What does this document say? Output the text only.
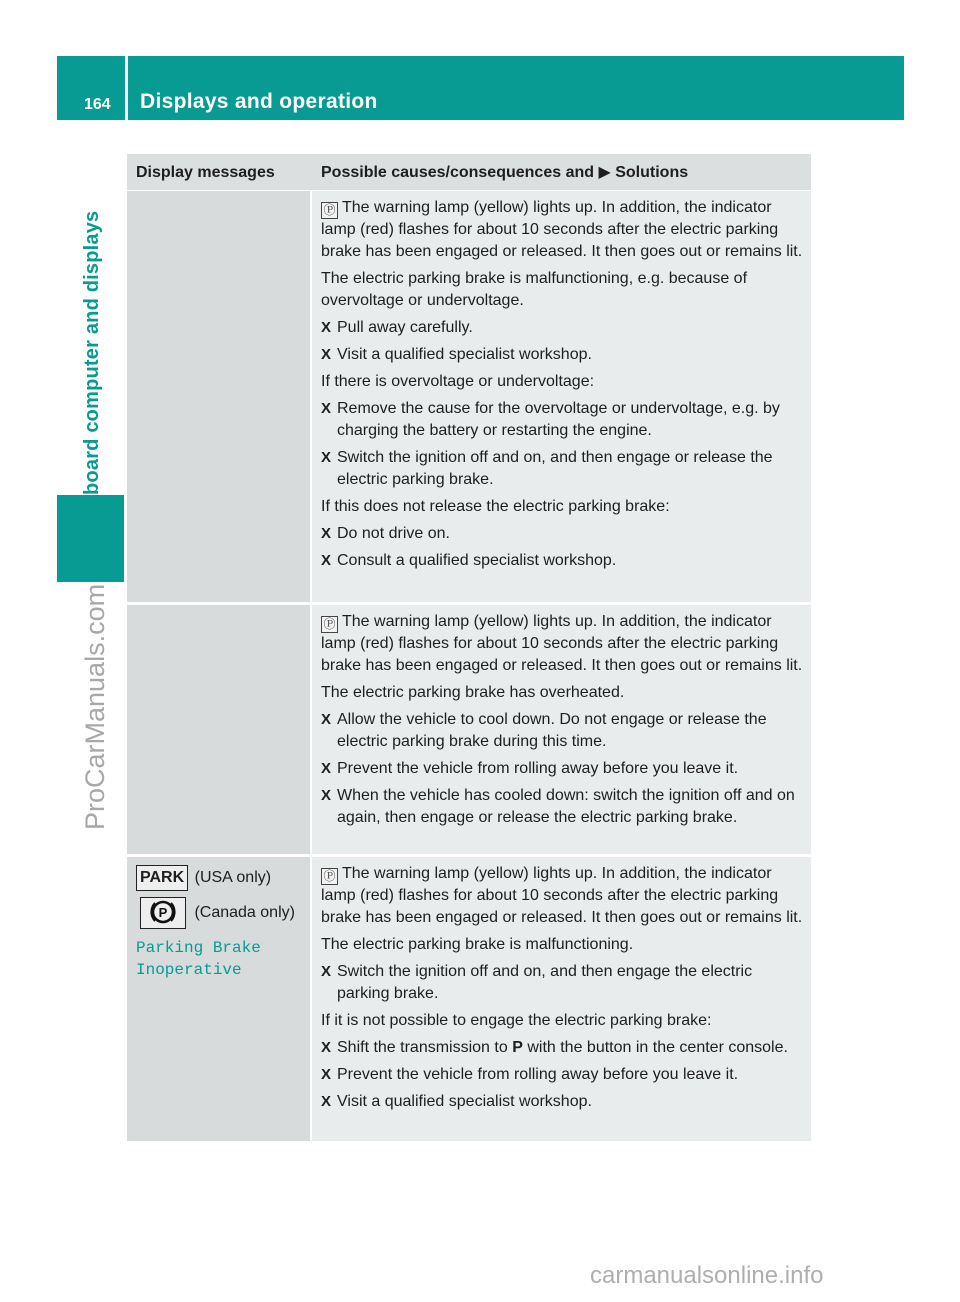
164	Displays and operation
On-board computer and displays
ProCarManuals.com
carmanualsonline.info
Display messages	Possible causes/consequences and ▶ Solutions

Ⓟ The warning lamp (yellow) lights up. In addition, the indicator lamp (red) flashes for about 10 seconds after the electric parking brake has been engaged or released. It then goes out or remains lit.

The electric parking brake is malfunctioning, e.g. because of overvoltage or undervoltage.

X Pull away carefully.
X Visit a qualified specialist workshop.

If there is overvoltage or undervoltage:

X Remove the cause for the overvoltage or undervoltage, e.g. by charging the battery or restarting the engine.
X Switch the ignition off and on, and then engage or release the electric parking brake.

If this does not release the electric parking brake:

X Do not drive on.
X Consult a qualified specialist workshop.

Ⓟ The warning lamp (yellow) lights up. In addition, the indicator lamp (red) flashes for about 10 seconds after the electric parking brake has been engaged or released. It then goes out or remains lit.

The electric parking brake has overheated.

X Allow the vehicle to cool down. Do not engage or release the electric parking brake during this time.
X Prevent the vehicle from rolling away before you leave it.
X When the vehicle has cooled down: switch the ignition off and on again, then engage or release the electric parking brake.
PARK (USA only)
P (Canada only)
Parking Brake
Inoperative

Ⓟ The warning lamp (yellow) lights up. In addition, the indicator lamp (red) flashes for about 10 seconds after the electric parking brake has been engaged or released. It then goes out or remains lit.

The electric parking brake is malfunctioning.

X Switch the ignition off and on, and then engage the electric parking brake.

If it is not possible to engage the electric parking brake:

X Shift the transmission to P with the button in the center console.
X Prevent the vehicle from rolling away before you leave it.
X Visit a qualified specialist workshop.
